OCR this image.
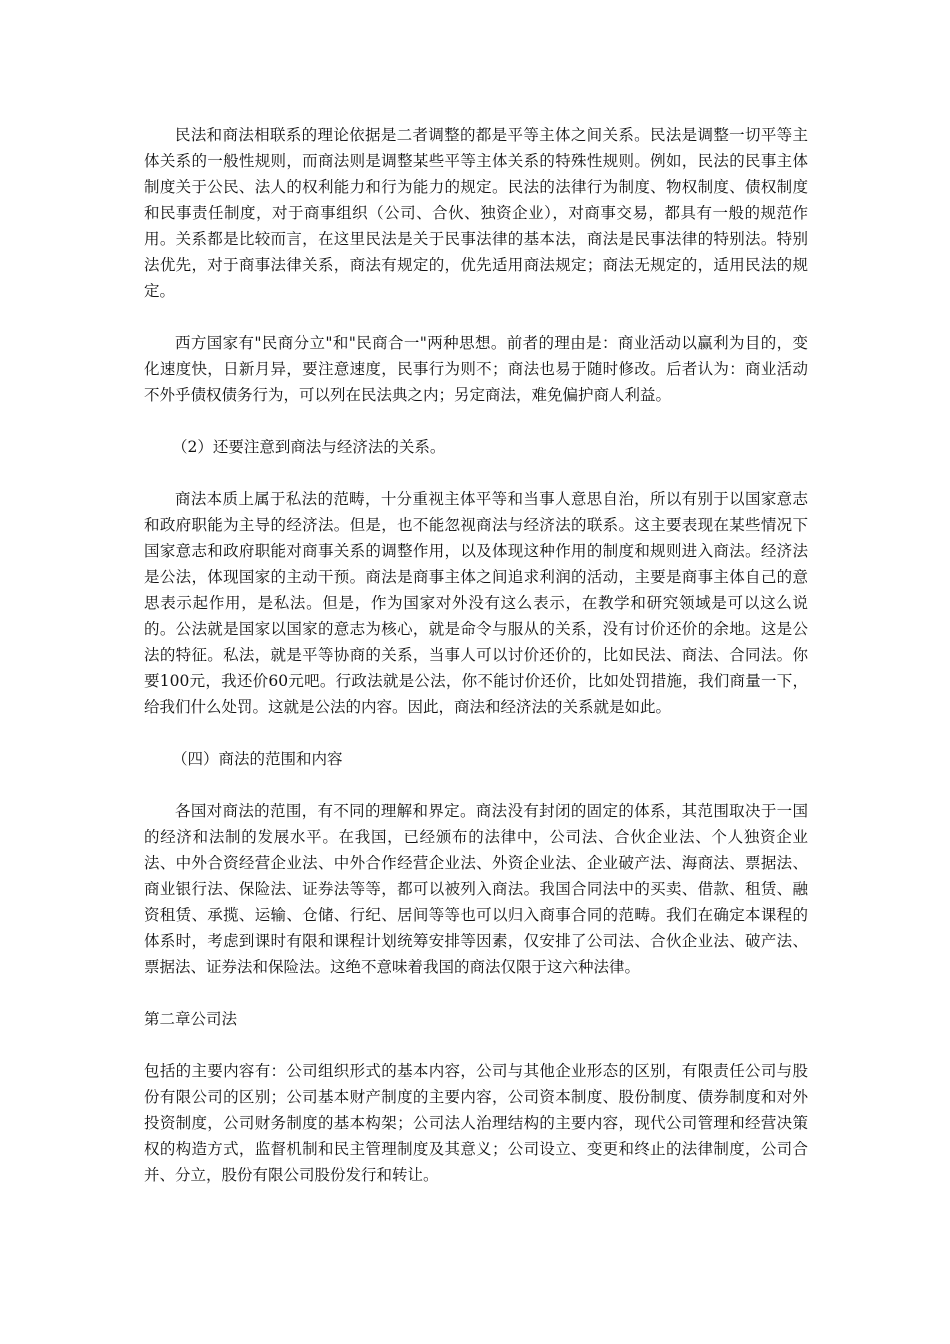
民法和商法相联系的理论依据是二者调整的都是平等主体之间关系。民法是调整一切平等主体关系的一般性规则，而商法则是调整某些平等主体关系的特殊性规则。例如，民法的民事主体制度关于公民、法人的权利能力和行为能力的规定。民法的法律行为制度、物权制度、债权制度和民事责任制度，对于商事组织（公司、合伙、独资企业），对商事交易，都具有一般的规范作用。关系都是比较而言，在这里民法是关于民事法律的基本法，商法是民事法律的特别法。特别法优先，对于商事法律关系，商法有规定的，优先适用商法规定；商法无规定的，适用民法的规定。

西方国家有"民商分立"和"民商合一"两种思想。前者的理由是：商业活动以赢利为目的，变化速度快，日新月异，要注意速度，民事行为则不；商法也易于随时修改。后者认为：商业活动不外乎债权债务行为，可以列在民法典之内；另定商法，难免偏护商人利益。

（2）还要注意到商法与经济法的关系。

商法本质上属于私法的范畴，十分重视主体平等和当事人意思自治，所以有别于以国家意志和政府职能为主导的经济法。但是，也不能忽视商法与经济法的联系。这主要表现在某些情况下国家意志和政府职能对商事关系的调整作用，以及体现这种作用的制度和规则进入商法。经济法是公法，体现国家的主动干预。商法是商事主体之间追求利润的活动，主要是商事主体自己的意思表示起作用，是私法。但是，作为国家对外没有这么表示，在教学和研究领域是可以这么说的。公法就是国家以国家的意志为核心，就是命令与服从的关系，没有讨价还价的余地。这是公法的特征。私法，就是平等协商的关系，当事人可以讨价还价的，比如民法、商法、合同法。你要100元，我还价60元吧。行政法就是公法，你不能讨价还价，比如处罚措施，我们商量一下，给我们什么处罚。这就是公法的内容。因此，商法和经济法的关系就是如此。

（四）商法的范围和内容

各国对商法的范围，有不同的理解和界定。商法没有封闭的固定的体系，其范围取决于一国的经济和法制的发展水平。在我国，已经颁布的法律中，公司法、合伙企业法、个人独资企业法、中外合资经营企业法、中外合作经营企业法、外资企业法、企业破产法、海商法、票据法、商业银行法、保险法、证券法等等，都可以被列入商法。我国合同法中的买卖、借款、租赁、融资租赁、承揽、运输、仓储、行纪、居间等等也可以归入商事合同的范畴。我们在确定本课程的体系时，考虑到课时有限和课程计划统筹安排等因素，仅安排了公司法、合伙企业法、破产法、票据法、证券法和保险法。这绝不意味着我国的商法仅限于这六种法律。

第二章公司法

包括的主要内容有：公司组织形式的基本内容，公司与其他企业形态的区别，有限责任公司与股份有限公司的区别；公司基本财产制度的主要内容，公司资本制度、股份制度、债券制度和对外投资制度，公司财务制度的基本构架；公司法人治理结构的主要内容，现代公司管理和经营决策权的构造方式，监督机制和民主管理制度及其意义；公司设立、变更和终止的法律制度，公司合并、分立，股份有限公司股份发行和转让。
